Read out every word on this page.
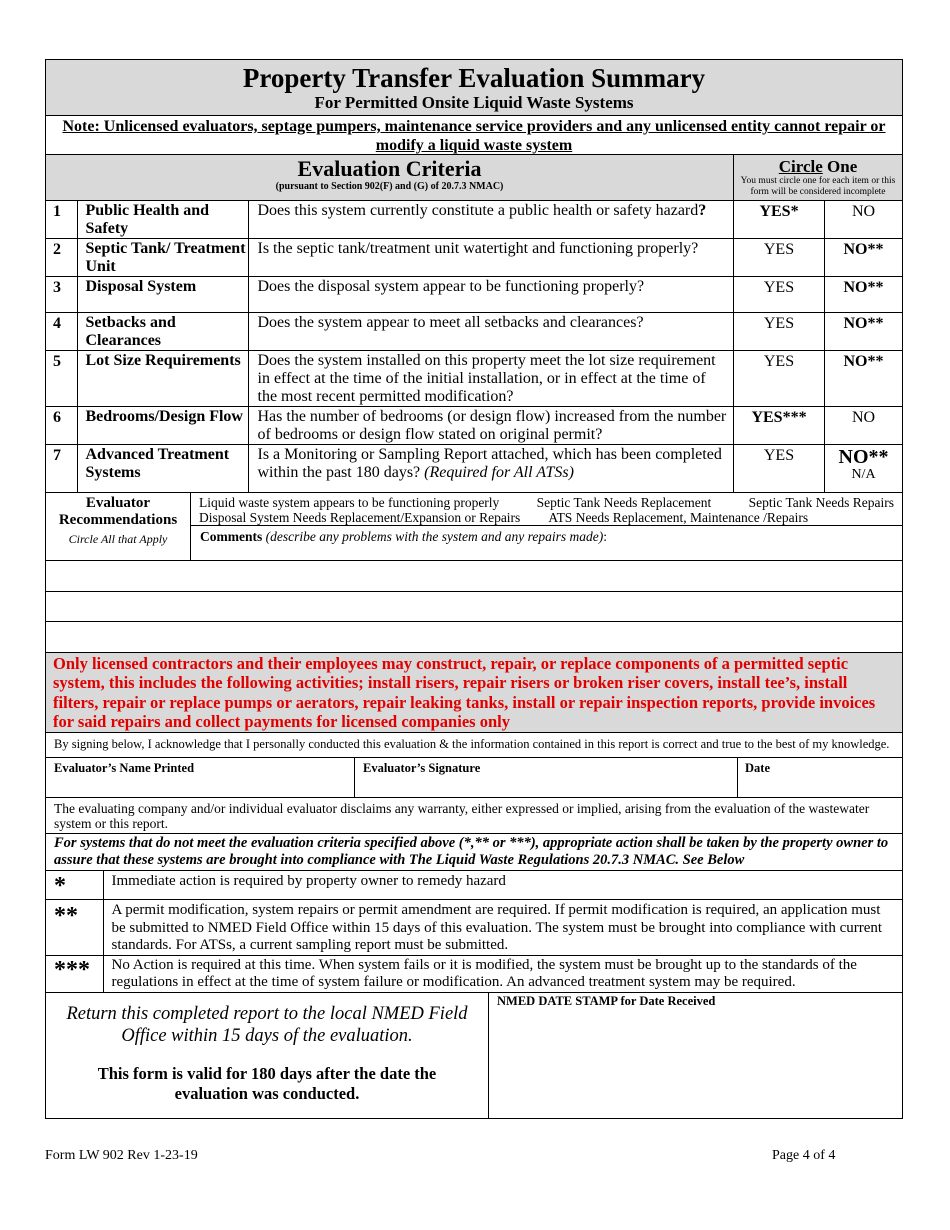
Property Transfer Evaluation Summary
For Permitted Onsite Liquid Waste Systems
Note: Unlicensed evaluators, septage pumpers, maintenance service providers and any unlicensed entity cannot repair or modify a liquid waste system
Evaluation Criteria
(pursuant to Section 902(F) and (G) of 20.7.3 NMAC)
Circle One
You must circle one for each item or this form will be considered incomplete
1	Public Health and Safety	Does this system currently constitute a public health or safety hazard?	YES*	NO
2	Septic Tank/ Treatment Unit	Is the septic tank/treatment unit watertight and functioning properly?	YES	NO**
3	Disposal System	Does the disposal system appear to be functioning properly?	YES	NO**
4	Setbacks and Clearances	Does the system appear to meet all setbacks and clearances?	YES	NO**
5	Lot Size Requirements	Does the system installed on this property meet the lot size requirement in effect at the time of the initial installation, or in effect at the time of the most recent permitted modification?	YES	NO**
6	Bedrooms/Design Flow	Has the number of bedrooms (or design flow) increased from the number of bedrooms or design flow stated on original permit?	YES***	NO
7	Advanced Treatment Systems	Is a Monitoring or Sampling Report attached, which has been completed within the past 180 days? (Required for All ATSs)	YES	NO**
N/A
Evaluator Recommendations
Circle All that Apply
Liquid waste system appears to be functioning properly	Septic Tank Needs Replacement	Septic Tank Needs Repairs
Disposal System Needs Replacement/Expansion or Repairs ATS Needs Replacement, Maintenance /Repairs
Comments (describe any problems with the system and any repairs made):
Only licensed contractors and their employees may construct, repair, or replace components of a permitted septic system, this includes the following activities; install risers, repair risers or broken riser covers, install tee’s, install filters, repair or replace pumps or aerators, repair leaking tanks, install or repair inspection reports, provide invoices for said repairs and collect payments for licensed companies only
By signing below, I acknowledge that I personally conducted this evaluation & the information contained in this report is correct and true to the best of my knowledge.
Evaluator’s Name Printed	Evaluator’s Signature	Date
The evaluating company and/or individual evaluator disclaims any warranty, either expressed or implied, arising from the evaluation of the wastewater system or this report.
For systems that do not meet the evaluation criteria specified above (*,** or ***), appropriate action shall be taken by the property owner to assure that these systems are brought into compliance with The Liquid Waste Regulations 20.7.3 NMAC. See Below
*	Immediate action is required by property owner to remedy hazard
**	A permit modification, system repairs or permit amendment are required. If permit modification is required, an application must be submitted to NMED Field Office within 15 days of this evaluation. The system must be brought into compliance with current standards. For ATSs, a current sampling report must be submitted.
***	No Action is required at this time. When system fails or it is modified, the system must be brought up to the standards of the regulations in effect at the time of system failure or modification. An advanced treatment system may be required.
Return this completed report to the local NMED Field Office within 15 days of the evaluation.
This form is valid for 180 days after the date the evaluation was conducted.
NMED DATE STAMP for Date Received
Form LW 902 Rev 1-23-19	Page 4 of 4
